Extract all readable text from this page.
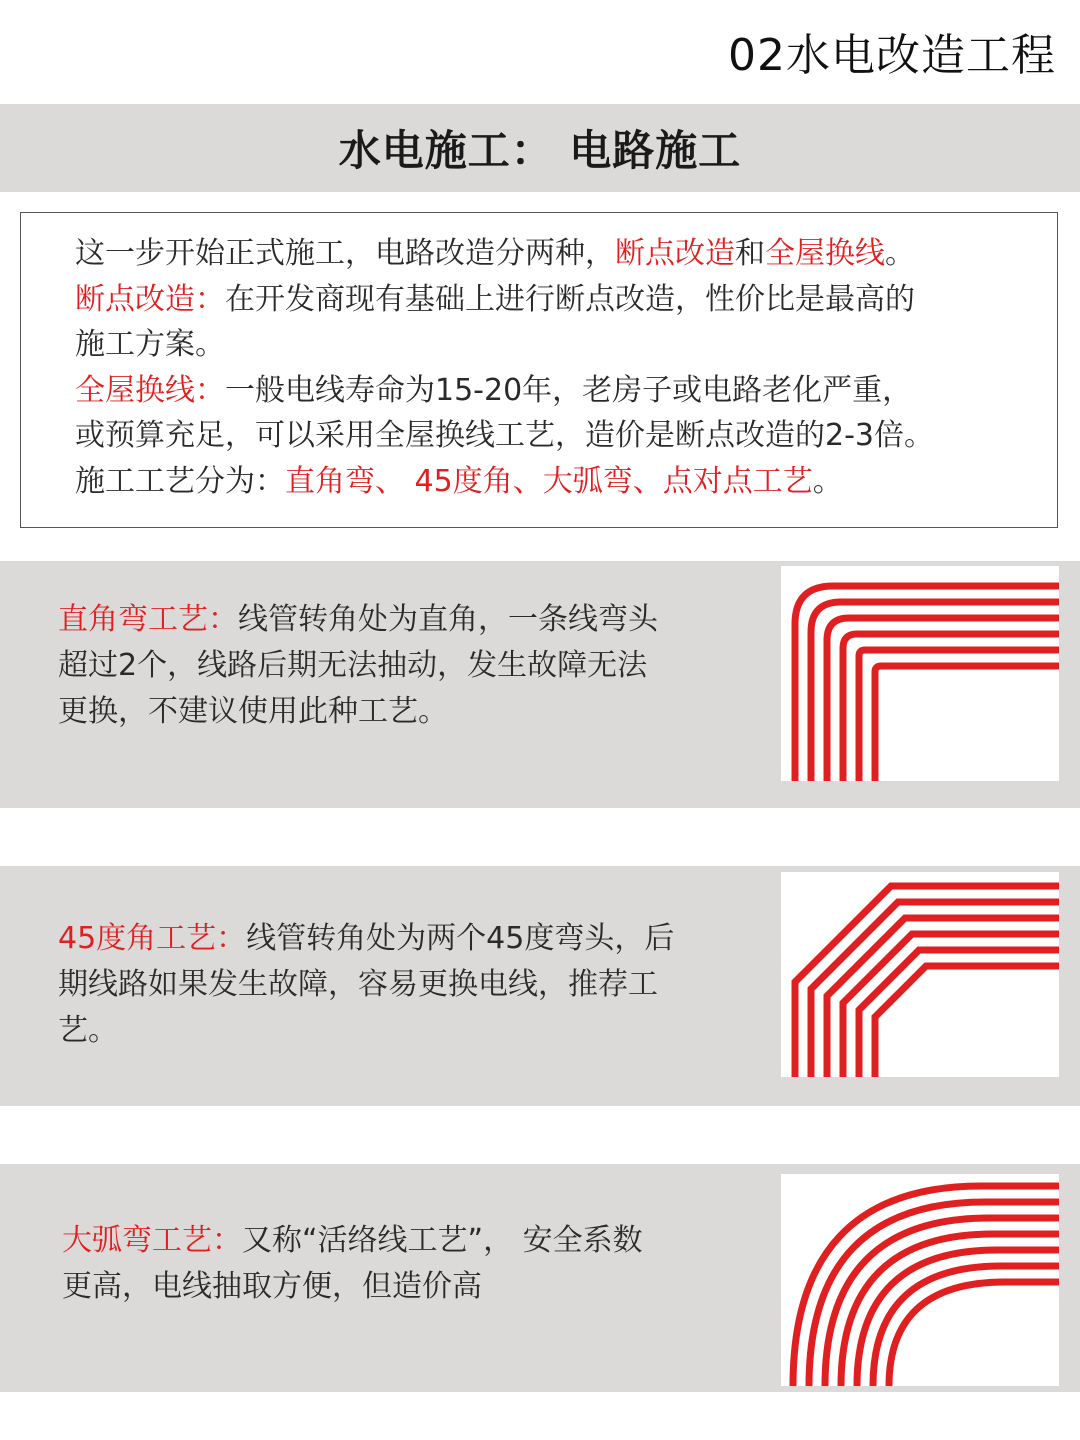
02水电改造工程
水电施工： 电路施工
这一步开始正式施工，电路改造分两种，断点改造和全屋换线。
断点改造：在开发商现有基础上进行断点改造，性价比是最高的
施工方案。
全屋换线：一般电线寿命为15-20年，老房子或电路老化严重，
或预算充足，可以采用全屋换线工艺，造价是断点改造的2-3倍。
施工工艺分为：直角弯、 45度角、大弧弯、点对点工艺。
直角弯工艺：线管转角处为直角，一条线弯头
超过2个，线路后期无法抽动，发生故障无法
更换，不建议使用此种工艺。
45度角工艺：线管转角处为两个45度弯头，后
期线路如果发生故障，容易更换电线，推荐工
艺。
大弧弯工艺：又称“活络线工艺”， 安全系数
更高，电线抽取方便，但造价高
